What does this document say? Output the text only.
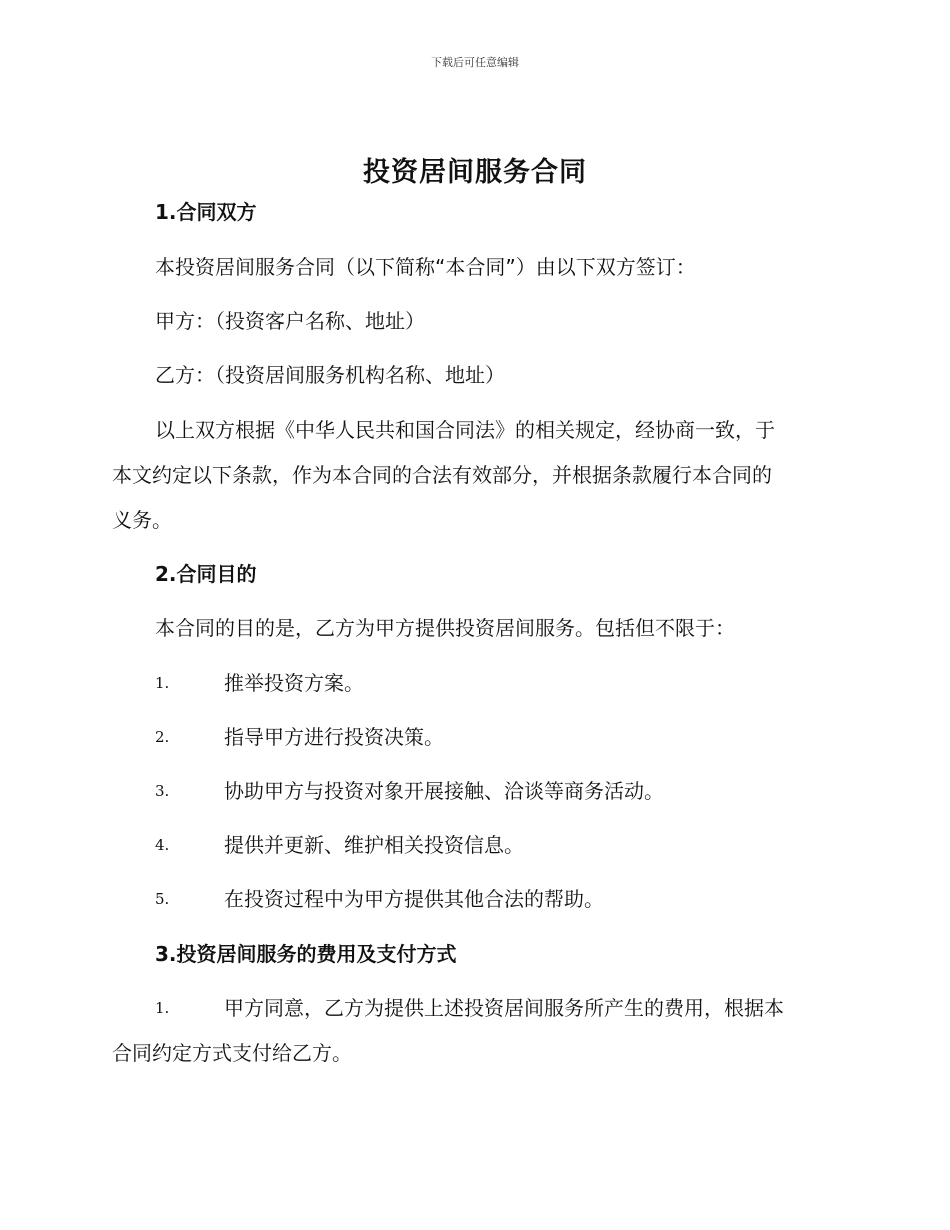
下载后可任意编辑
投资居间服务合同
1.合同双方
本投资居间服务合同（以下简称“本合同”）由以下双方签订：
甲方：（投资客户名称、地址）
乙方：（投资居间服务机构名称、地址）
以上双方根据《中华人民共和国合同法》的相关规定，经协商一致，于
本文约定以下条款，作为本合同的合法有效部分，并根据条款履行本合同的
义务。
2.合同目的
本合同的目的是，乙方为甲方提供投资居间服务。包括但不限于：
1.	推举投资方案。
2.	指导甲方进行投资决策。
3.	协助甲方与投资对象开展接触、洽谈等商务活动。
4.	提供并更新、维护相关投资信息。
5.	在投资过程中为甲方提供其他合法的帮助。
3.投资居间服务的费用及支付方式
1.	甲方同意，乙方为提供上述投资居间服务所产生的费用，根据本
合同约定方式支付给乙方。
